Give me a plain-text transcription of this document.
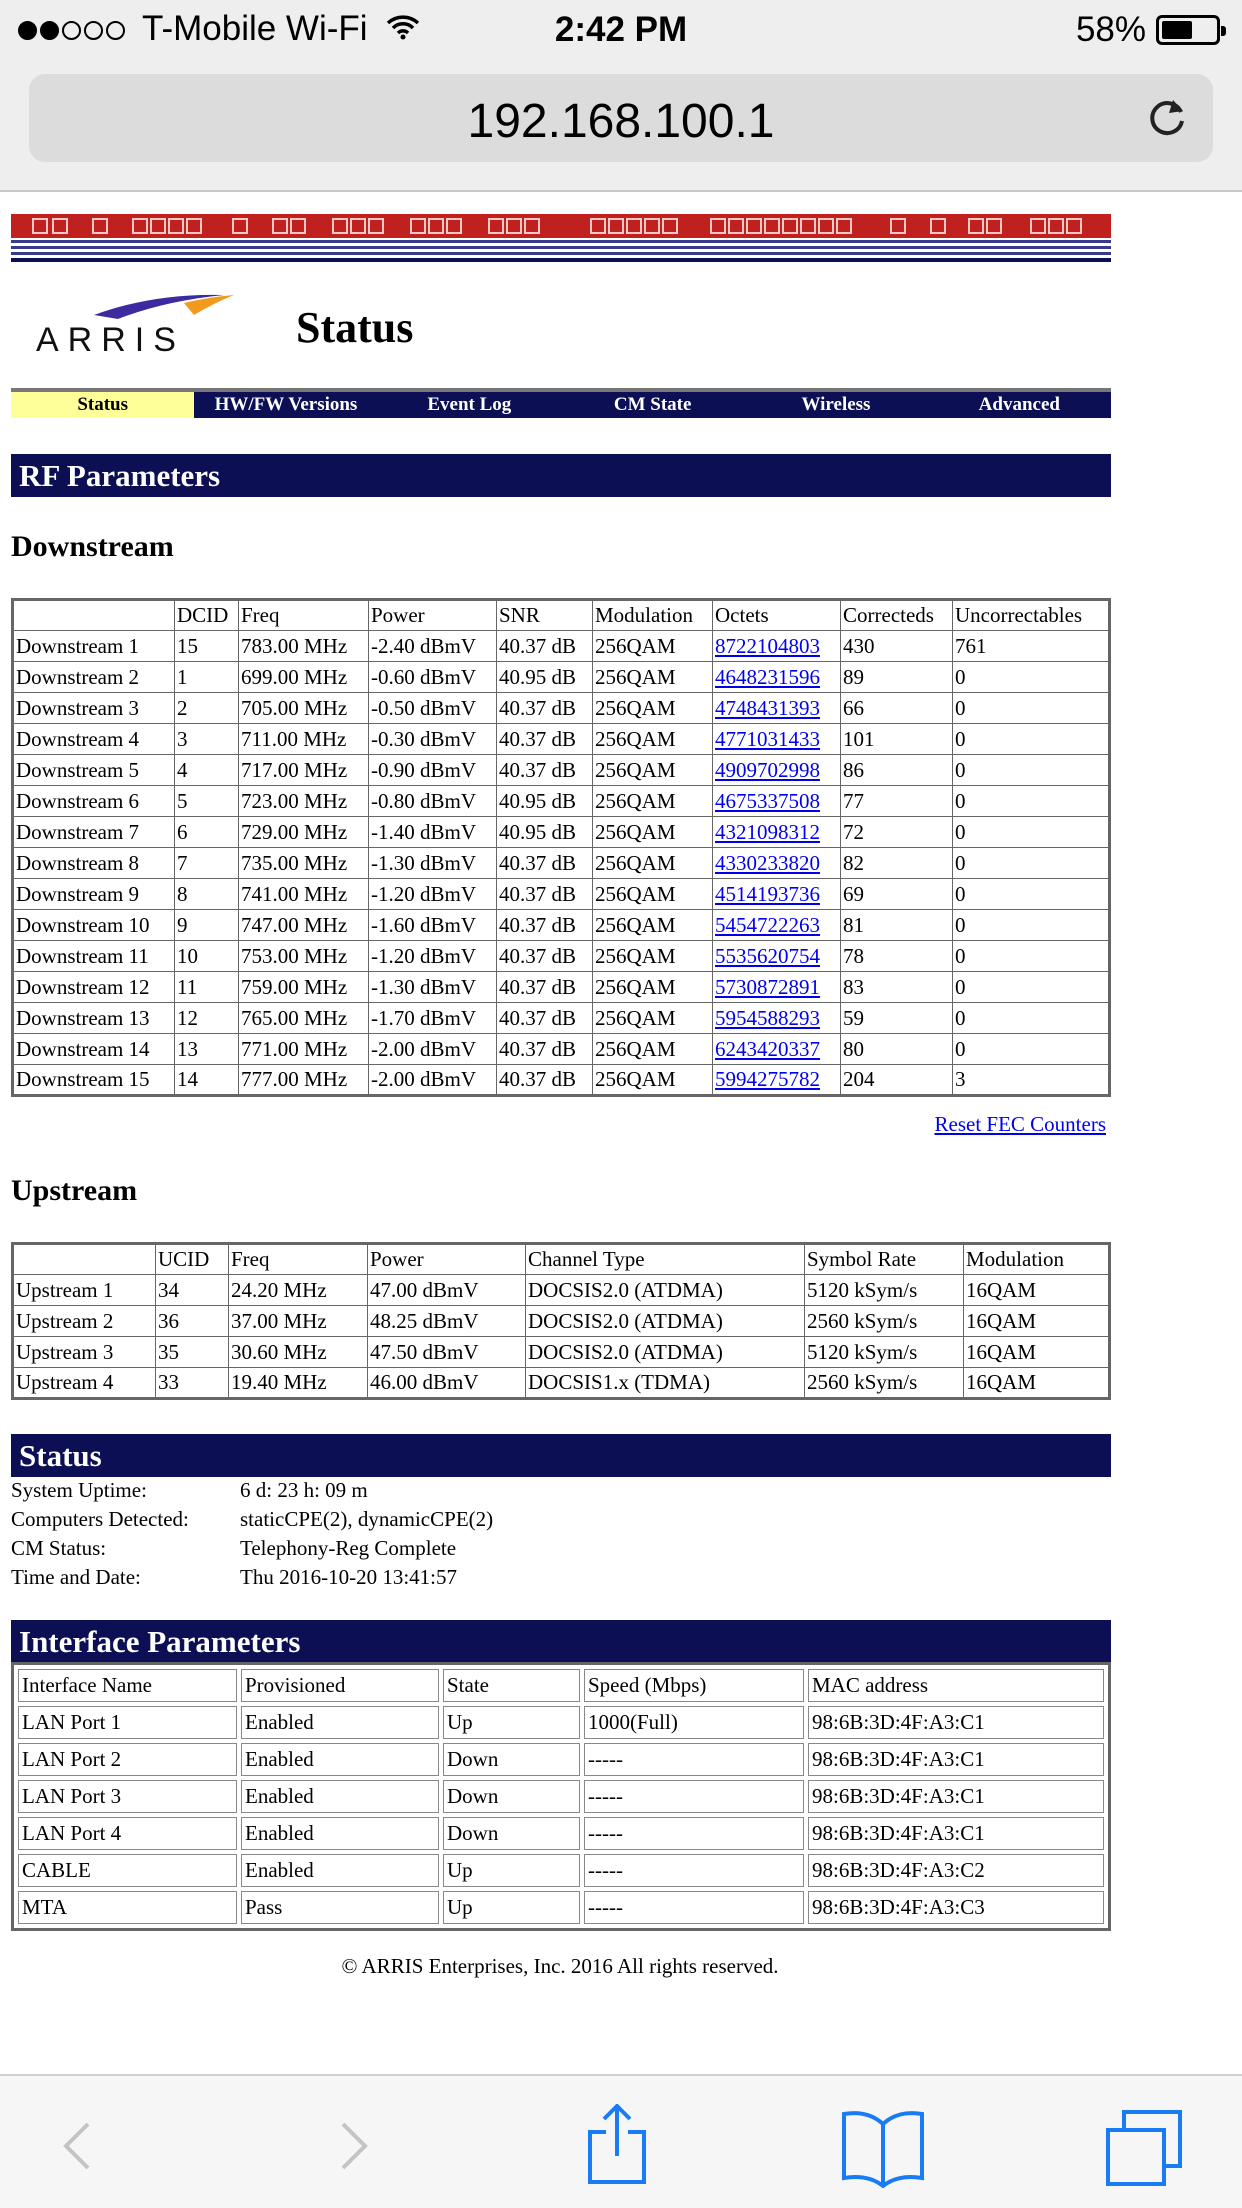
T-Mobile Wi-Fi	2:42 PM	58%
192.168.100.1
ARRIS	Status
Status	HW/FW Versions	Event Log	CM State	Wireless	Advanced
RF Parameters
Downstream
	DCID	Freq	Power	SNR	Modulation	Octets	Correcteds	Uncorrectables
Downstream 1	15	783.00 MHz	-2.40 dBmV	40.37 dB	256QAM	8722104803	430	761
Downstream 2	1	699.00 MHz	-0.60 dBmV	40.95 dB	256QAM	4648231596	89	0
Downstream 3	2	705.00 MHz	-0.50 dBmV	40.37 dB	256QAM	4748431393	66	0
Downstream 4	3	711.00 MHz	-0.30 dBmV	40.37 dB	256QAM	4771031433	101	0
Downstream 5	4	717.00 MHz	-0.90 dBmV	40.37 dB	256QAM	4909702998	86	0
Downstream 6	5	723.00 MHz	-0.80 dBmV	40.95 dB	256QAM	4675337508	77	0
Downstream 7	6	729.00 MHz	-1.40 dBmV	40.95 dB	256QAM	4321098312	72	0
Downstream 8	7	735.00 MHz	-1.30 dBmV	40.37 dB	256QAM	4330233820	82	0
Downstream 9	8	741.00 MHz	-1.20 dBmV	40.37 dB	256QAM	4514193736	69	0
Downstream 10	9	747.00 MHz	-1.60 dBmV	40.37 dB	256QAM	5454722263	81	0
Downstream 11	10	753.00 MHz	-1.20 dBmV	40.37 dB	256QAM	5535620754	78	0
Downstream 12	11	759.00 MHz	-1.30 dBmV	40.37 dB	256QAM	5730872891	83	0
Downstream 13	12	765.00 MHz	-1.70 dBmV	40.37 dB	256QAM	5954588293	59	0
Downstream 14	13	771.00 MHz	-2.00 dBmV	40.37 dB	256QAM	6243420337	80	0
Downstream 15	14	777.00 MHz	-2.00 dBmV	40.37 dB	256QAM	5994275782	204	3
Reset FEC Counters
Upstream
	UCID	Freq	Power	Channel Type	Symbol Rate	Modulation
Upstream 1	34	24.20 MHz	47.00 dBmV	DOCSIS2.0 (ATDMA)	5120 kSym/s	16QAM
Upstream 2	36	37.00 MHz	48.25 dBmV	DOCSIS2.0 (ATDMA)	2560 kSym/s	16QAM
Upstream 3	35	30.60 MHz	47.50 dBmV	DOCSIS2.0 (ATDMA)	5120 kSym/s	16QAM
Upstream 4	33	19.40 MHz	46.00 dBmV	DOCSIS1.x (TDMA)	2560 kSym/s	16QAM
Status
System Uptime:	6 d: 23 h: 09 m
Computers Detected:	staticCPE(2), dynamicCPE(2)
CM Status:	Telephony-Reg Complete
Time and Date:	Thu 2016-10-20 13:41:57
Interface Parameters
Interface Name	Provisioned	State	Speed (Mbps)	MAC address
LAN Port 1	Enabled	Up	1000(Full)	98:6B:3D:4F:A3:C1
LAN Port 2	Enabled	Down	-----	98:6B:3D:4F:A3:C1
LAN Port 3	Enabled	Down	-----	98:6B:3D:4F:A3:C1
LAN Port 4	Enabled	Down	-----	98:6B:3D:4F:A3:C1
CABLE	Enabled	Up	-----	98:6B:3D:4F:A3:C2
MTA	Pass	Up	-----	98:6B:3D:4F:A3:C3
© ARRIS Enterprises, Inc. 2016 All rights reserved.
